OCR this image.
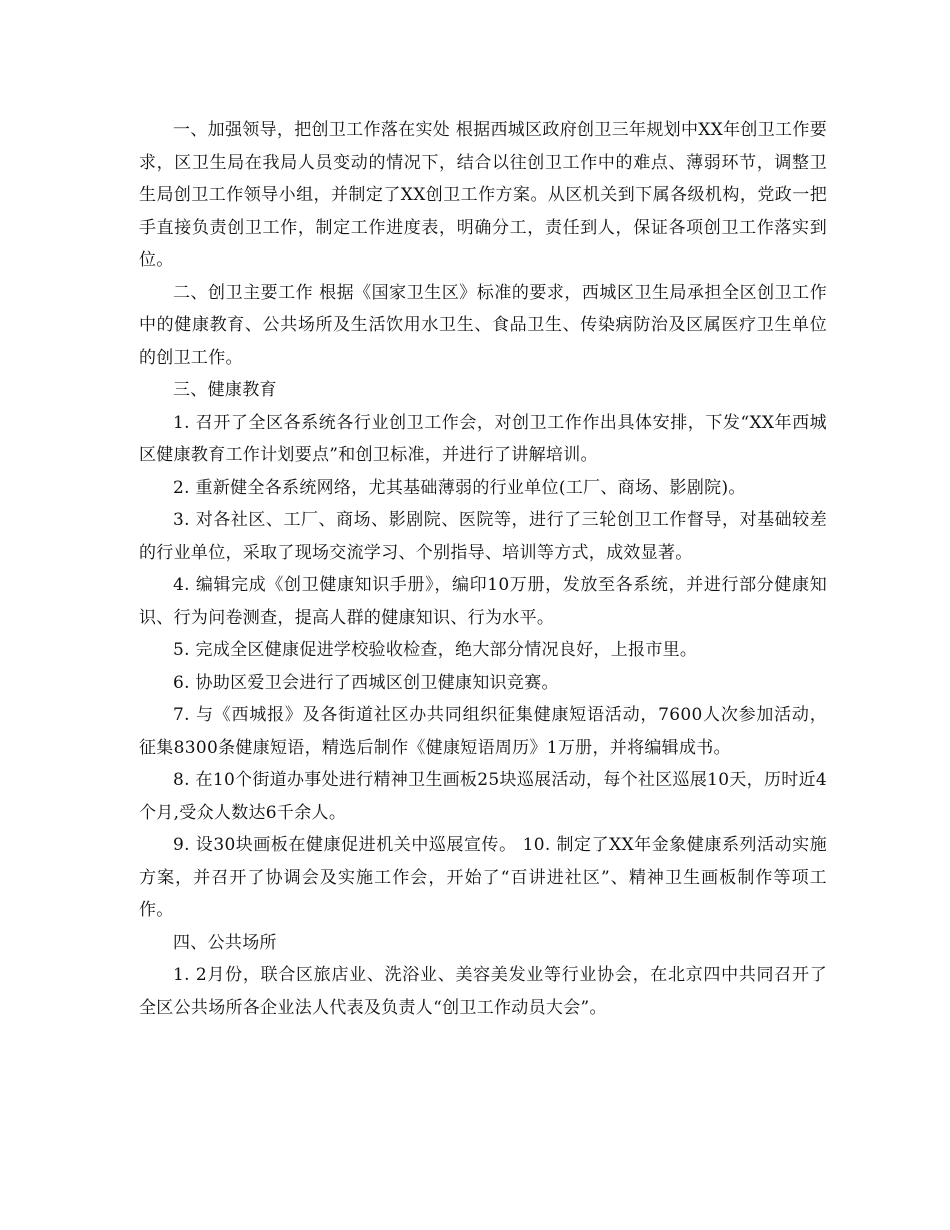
一、加强领导，把创卫工作落在实处 根据西城区政府创卫三年规划中XX年创卫工作要求，区卫生局在我局人员变动的情况下，结合以往创卫工作中的难点、薄弱环节，调整卫生局创卫工作领导小组，并制定了XX创卫工作方案。从区机关到下属各级机构，党政一把手直接负责创卫工作，制定工作进度表，明确分工，责任到人，保证各项创卫工作落实到位。

二、创卫主要工作 根据《国家卫生区》标准的要求，西城区卫生局承担全区创卫工作中的健康教育、公共场所及生活饮用水卫生、食品卫生、传染病防治及区属医疗卫生单位的创卫工作。

三、健康教育

1. 召开了全区各系统各行业创卫工作会，对创卫工作作出具体安排，下发“XX年西城区健康教育工作计划要点”和创卫标准，并进行了讲解培训。

2. 重新健全各系统网络，尤其基础薄弱的行业单位(工厂、商场、影剧院)。

3. 对各社区、工厂、商场、影剧院、医院等，进行了三轮创卫工作督导，对基础较差的行业单位，采取了现场交流学习、个别指导、培训等方式，成效显著。

4. 编辑完成《创卫健康知识手册》，编印10万册，发放至各系统，并进行部分健康知识、行为问卷测查，提高人群的健康知识、行为水平。

5. 完成全区健康促进学校验收检查，绝大部分情况良好，上报市里。

6. 协助区爱卫会进行了西城区创卫健康知识竞赛。

7. 与《西城报》及各街道社区办共同组织征集健康短语活动，7600人次参加活动，征集8300条健康短语，精选后制作《健康短语周历》1万册，并将编辑成书。

8. 在10个街道办事处进行精神卫生画板25块巡展活动，每个社区巡展10天，历时近4个月,受众人数达6千余人。

9. 设30块画板在健康促进机关中巡展宣传。 10. 制定了XX年金象健康系列活动实施方案，并召开了协调会及实施工作会，开始了“百讲进社区”、精神卫生画板制作等项工作。

四、公共场所

1. 2月份，联合区旅店业、洗浴业、美容美发业等行业协会，在北京四中共同召开了全区公共场所各企业法人代表及负责人“创卫工作动员大会”。
